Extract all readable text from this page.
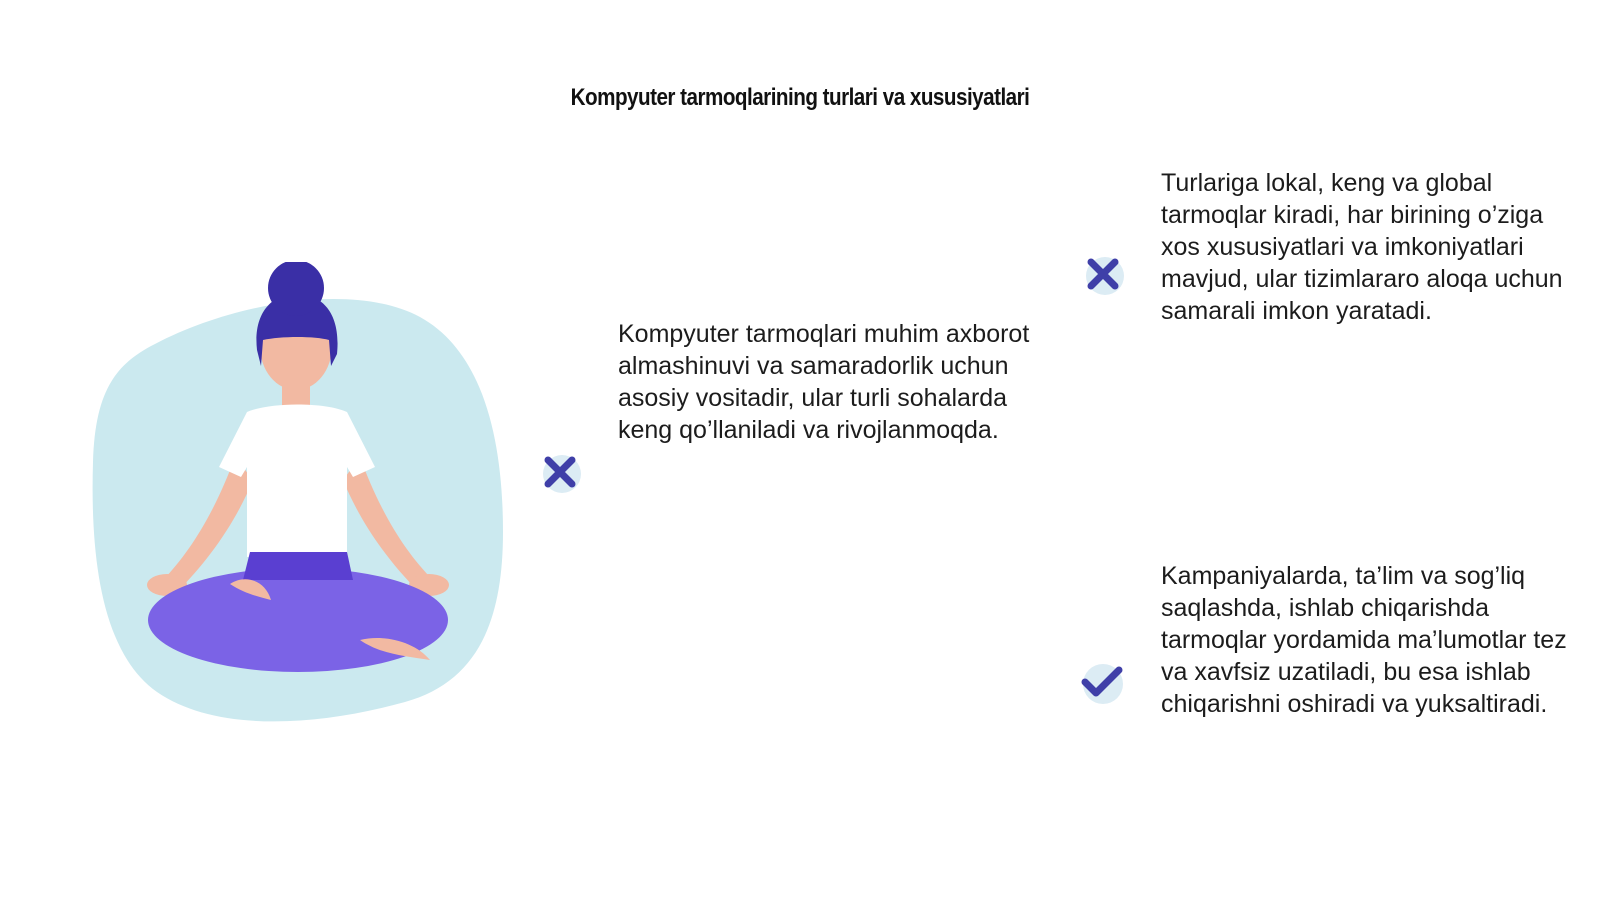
Kompyuter tarmoqlarining turlari va xususiyatlari
Kompyuter tarmoqlari muhim axborot almashinuvi va samaradorlik uchun asosiy vositadir, ular turli sohalarda keng qo’llaniladi va rivojlanmoqda.
Turlariga lokal, keng va global tarmoqlar kiradi, har birining o’ziga xos xususiyatlari va imkoniyatlari mavjud, ular tizimlararo aloqa uchun samarali imkon yaratadi.
Kampaniyalarda, ta’lim va sog’liq saqlashda, ishlab chiqarishda tarmoqlar yordamida ma’lumotlar tez va xavfsiz uzatiladi, bu esa ishlab chiqarishni oshiradi va yuksaltiradi.
